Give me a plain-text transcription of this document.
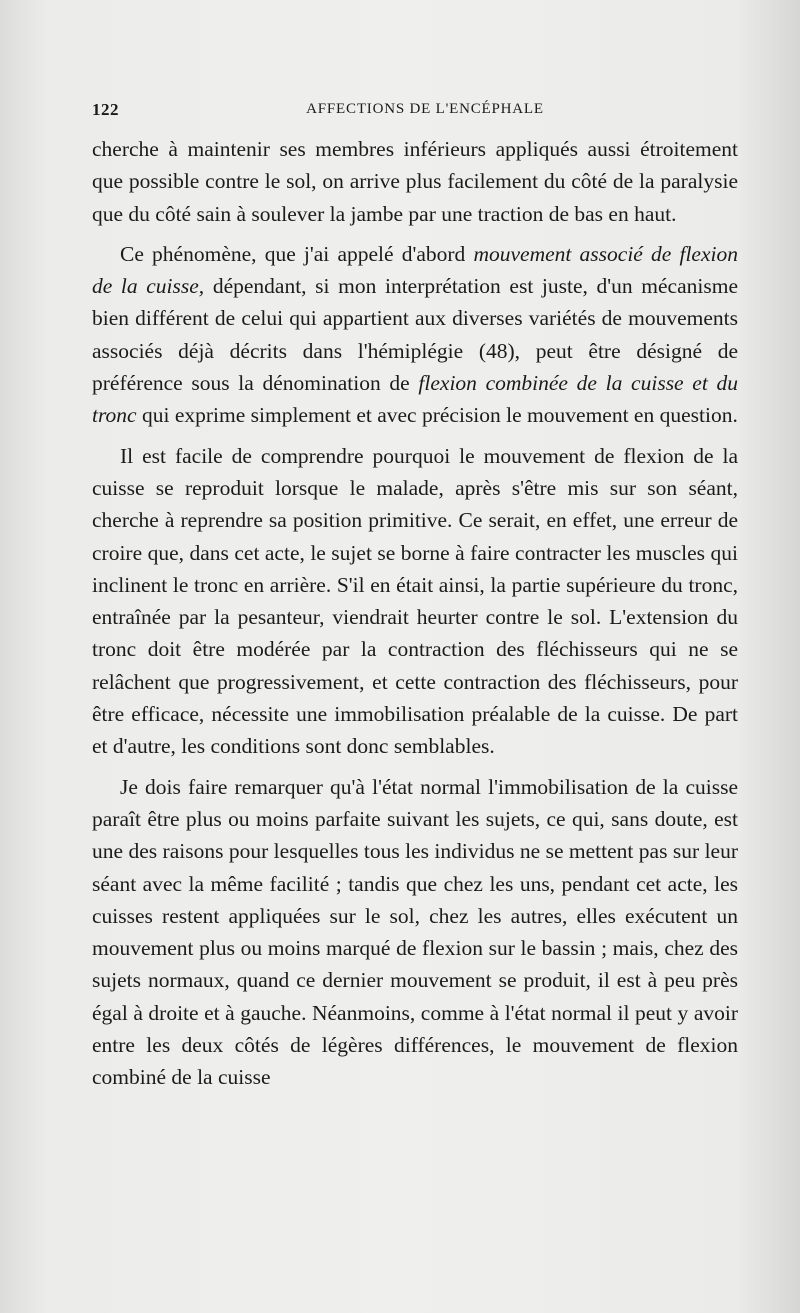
122	AFFECTIONS DE L'ENCÉPHALE

cherche à maintenir ses membres inférieurs appliqués aussi étroitement que possible contre le sol, on arrive plus facilement du côté de la paralysie que du côté sain à soulever la jambe par une traction de bas en haut.

Ce phénomène, que j'ai appelé d'abord mouvement associé de flexion de la cuisse, dépendant, si mon interprétation est juste, d'un mécanisme bien différent de celui qui appartient aux diverses variétés de mouvements associés déjà décrits dans l'hémiplégie (48), peut être désigné de préférence sous la dénomination de flexion combinée de la cuisse et du tronc qui exprime simplement et avec précision le mouvement en question.

Il est facile de comprendre pourquoi le mouvement de flexion de la cuisse se reproduit lorsque le malade, après s'être mis sur son séant, cherche à reprendre sa position primitive. Ce serait, en effet, une erreur de croire que, dans cet acte, le sujet se borne à faire contracter les muscles qui inclinent le tronc en arrière. S'il en était ainsi, la partie supérieure du tronc, entraînée par la pesanteur, viendrait heurter contre le sol. L'extension du tronc doit être modérée par la contraction des fléchisseurs qui ne se relâchent que progressivement, et cette contraction des fléchisseurs, pour être efficace, nécessite une immobilisation préalable de la cuisse. De part et d'autre, les conditions sont donc semblables.

Je dois faire remarquer qu'à l'état normal l'immobilisation de la cuisse paraît être plus ou moins parfaite suivant les sujets, ce qui, sans doute, est une des raisons pour lesquelles tous les individus ne se mettent pas sur leur séant avec la même facilité ; tandis que chez les uns, pendant cet acte, les cuisses restent appliquées sur le sol, chez les autres, elles exécutent un mouvement plus ou moins marqué de flexion sur le bassin ; mais, chez des sujets normaux, quand ce dernier mouvement se produit, il est à peu près égal à droite et à gauche. Néanmoins, comme à l'état normal il peut y avoir entre les deux côtés de légères différences, le mouvement de flexion combiné de la cuisse
